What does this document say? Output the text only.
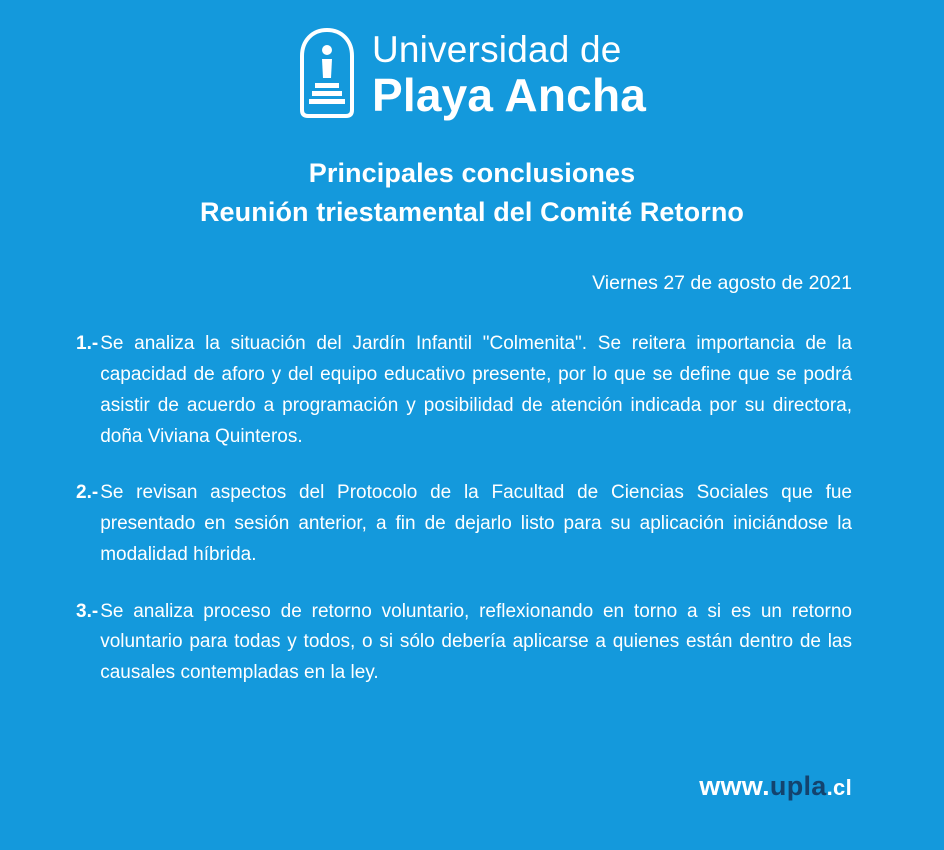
Universidad de
Playa Ancha
Principales conclusiones
Reunión triestamental del Comité Retorno
Viernes 27 de agosto de 2021
1.- Se analiza la situación del Jardín Infantil "Colmenita". Se reitera importancia de la capacidad de aforo y del equipo educativo presente, por lo que se define que se podrá asistir de acuerdo a programación y posibilidad de atención indicada por su directora, doña Viviana Quinteros.
2.- Se revisan aspectos del Protocolo de la Facultad de Ciencias Sociales que fue presentado en sesión anterior, a fin de dejarlo listo para su aplicación iniciándose la modalidad híbrida.
3.- Se analiza proceso de retorno voluntario, reflexionando en torno a si es un retorno voluntario para todas y todos, o si sólo debería aplicarse a quienes están dentro de las causales contempladas en la ley.
www.upla.cl
